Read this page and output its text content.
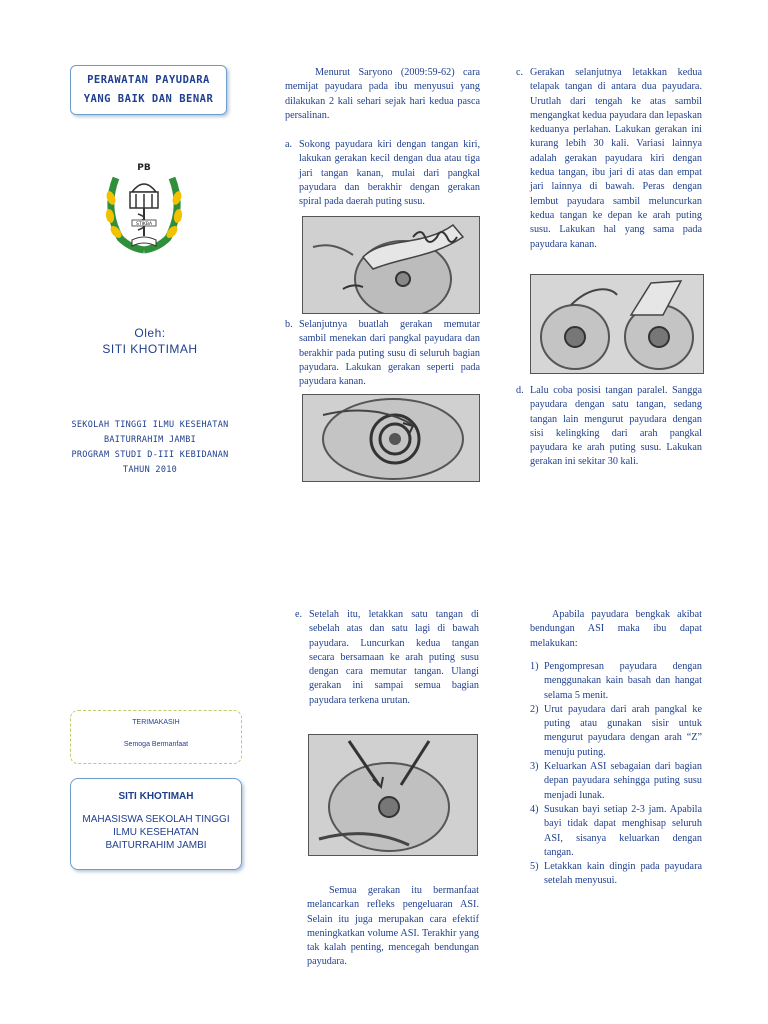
PERAWATAN PAYUDARA
YANG BAIK DAN BENAR
PB
STIKBA
Oleh:
SITI KHOTIMAH
SEKOLAH TINGGI ILMU KESEHATAN
BAITURRAHIM JAMBI
PROGRAM STUDI D-III KEBIDANAN
TAHUN 2010
TERIMAKASIH
Semoga Bermanfaat
SITI KHOTIMAH
MAHASISWA SEKOLAH TINGGI ILMU KESEHATAN BAITURRAHIM JAMBI
Menurut Saryono (2009:59-62) cara memijat payudara pada ibu menyusui yang dilakukan 2 kali sehari sejak hari kedua pasca persalinan.
a. Sokong payudara kiri dengan tangan kiri, lakukan gerakan kecil dengan dua atau tiga jari tangan kanan, mulai dari pangkal payudara dan berakhir dengan gerakan spiral pada daerah puting susu.
b. Selanjutnya buatlah gerakan memutar sambil menekan dari pangkal payudara dan berakhir pada puting susu di seluruh bagian payudara. Lakukan gerakan seperti pada payudara kanan.
c. Gerakan selanjutnya letakkan kedua telapak tangan di antara dua payudara. Urutlah dari tengah ke atas sambil mengangkat kedua payudara dan lepaskan keduanya perlahan. Lakukan gerakan ini kurang lebih 30 kali. Variasi lainnya adalah gerakan payudara kiri dengan kedua tangan, ibu jari di atas dan empat jari lainnya di bawah. Peras dengan lembut payudara sambil meluncurkan kedua tangan ke depan ke arah puting susu. Lakukan hal yang sama pada payudara kanan.
d. Lalu coba posisi tangan paralel. Sangga payudara dengan satu tangan, sedang tangan lain mengurut payudara dengan sisi kelingking dari arah pangkal payudara ke arah puting susu. Lakukan gerakan ini sekitar 30 kali.
e. Setelah itu, letakkan satu tangan di sebelah atas dan satu lagi di bawah payudara. Luncurkan kedua tangan secara bersamaan ke arah puting susu dengan cara memutar tangan. Ulangi gerakan ini sampai semua bagian payudara terkena urutan.
Semua gerakan itu bermanfaat melancarkan refleks pengeluaran ASI. Selain itu juga merupakan cara efektif meningkatkan volume ASI. Terakhir yang tak kalah penting, mencegah bendungan payudara.
Apabila payudara bengkak akibat bendungan ASI maka ibu dapat melakukan:
1) Pengompresan payudara dengan menggunakan kain basah dan hangat selama 5 menit.
2) Urut payudara dari arah pangkal ke puting atau gunakan sisir untuk mengurut payudara dengan arah “Z” menuju puting.
3) Keluarkan ASI sebagaian dari bagian depan payudara sehingga puting susu menjadi lunak.
4) Susukan bayi setiap 2-3 jam. Apabila bayi tidak dapat menghisap seluruh ASI, sisanya keluarkan dengan tangan.
5) Letakkan kain dingin pada payudara setelah menyusui.
